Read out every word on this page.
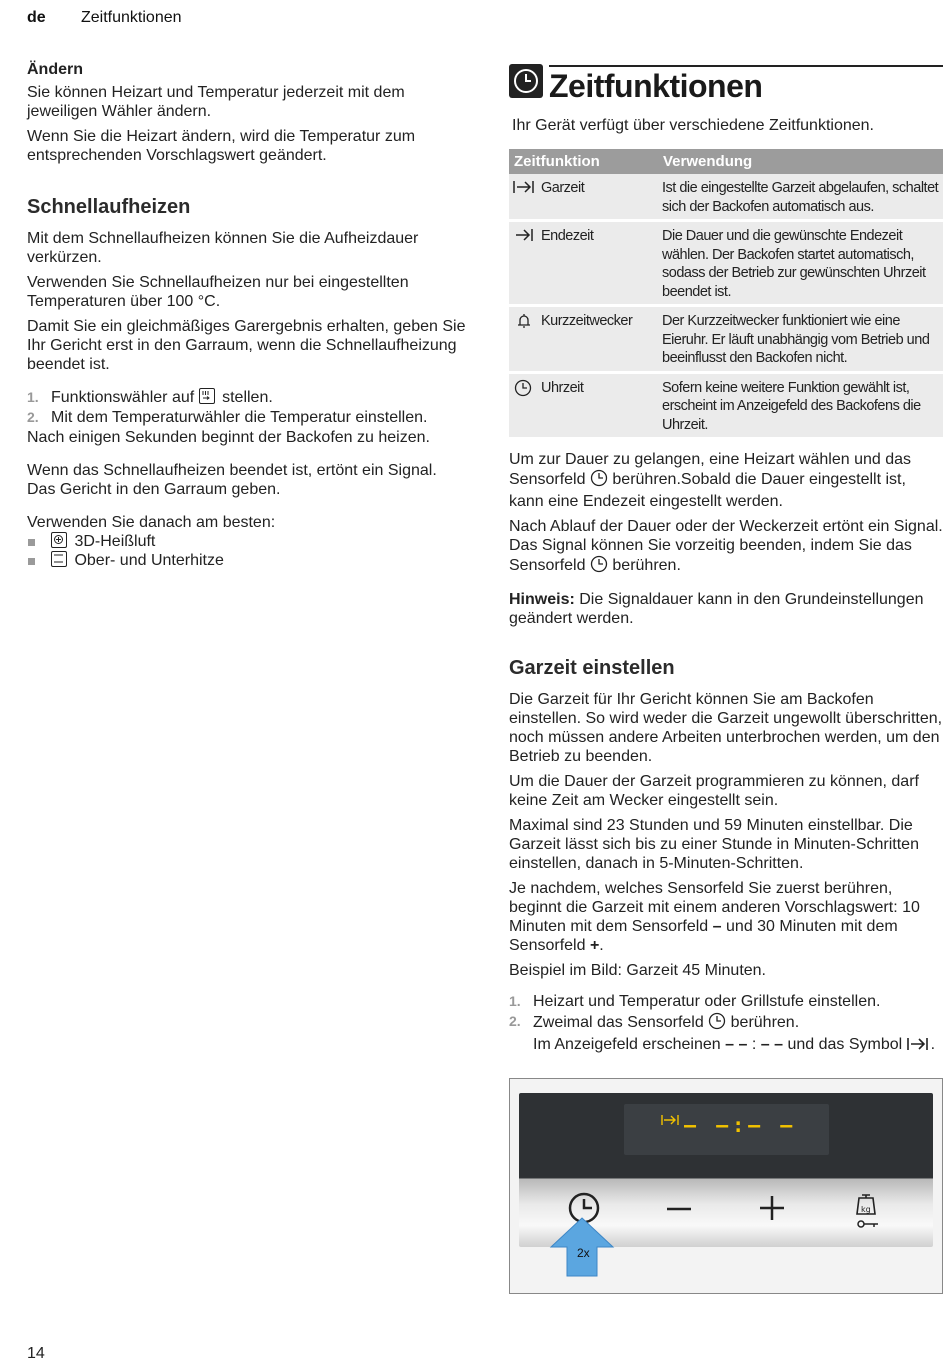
de Zeitfunktionen
Ändern

Sie können Heizart und Temperatur jederzeit mit dem jeweiligen Wähler ändern.

Wenn Sie die Heizart ändern, wird die Temperatur zum entsprechenden Vorschlagswert geändert.

Schnellaufheizen

Mit dem Schnellaufheizen können Sie die Aufheizdauer verkürzen.

Verwenden Sie Schnellaufheizen nur bei eingestellten Temperaturen über 100 °C.

Damit Sie ein gleichmäßiges Garergebnis erhalten, geben Sie Ihr Gericht erst in den Garraum, wenn die Schnellaufheizung beendet ist.

1. Funktionswähler auf stellen.
2. Mit dem Temperaturwähler die Temperatur einstellen.

Nach einigen Sekunden beginnt der Backofen zu heizen.

Wenn das Schnellaufheizen beendet ist, ertönt ein Signal. Das Gericht in den Garraum geben.

Verwenden Sie danach am besten:

3D-Heißluft
Ober- und Unterhitze
Zeitfunktionen

Ihr Gerät verfügt über verschiedene Zeitfunktionen.

Zeitfunktion	Verwendung
Garzeit	Ist die eingestellte Garzeit abgelaufen, schaltet sich der Backofen automatisch aus.
Endezeit	Die Dauer und die gewünschte Endezeit wählen. Der Backofen startet automatisch, sodass der Betrieb zur gewünschten Uhrzeit beendet ist.
Kurzzeitwecker	Der Kurzzeitwecker funktioniert wie eine Eieruhr. Er läuft unabhängig vom Betrieb und beeinflusst den Backofen nicht.
Uhrzeit	Sofern keine weitere Funktion gewählt ist, erscheint im Anzeigefeld des Backofens die Uhrzeit.

Um zur Dauer zu gelangen, eine Heizart wählen und das Sensorfeld berühren.Sobald die Dauer eingestellt ist, kann eine Endezeit eingestellt werden.

Nach Ablauf der Dauer oder der Weckerzeit ertönt ein Signal. Das Signal können Sie vorzeitig beenden, indem Sie das Sensorfeld berühren.

Hinweis: Die Signaldauer kann in den Grundeinstellungen geändert werden.

Garzeit einstellen

Die Garzeit für Ihr Gericht können Sie am Backofen einstellen. So wird weder die Garzeit ungewollt überschritten, noch müssen andere Arbeiten unterbrochen werden, um den Betrieb zu beenden.

Um die Dauer der Garzeit programmieren zu können, darf keine Zeit am Wecker eingestellt sein.

Maximal sind 23 Stunden und 59 Minuten einstellbar. Die Garzeit lässt sich bis zu einer Stunde in Minuten-Schritten einstellen, danach in 5-Minuten-Schritten.

Je nachdem, welches Sensorfeld Sie zuerst berühren, beginnt die Garzeit mit einem anderen Vorschlagswert: 10 Minuten mit dem Sensorfeld – und 30 Minuten mit dem Sensorfeld +.

Beispiel im Bild: Garzeit 45 Minuten.

1. Heizart und Temperatur oder Grillstufe einstellen.
2. Zweimal das Sensorfeld berühren.
Im Anzeigefeld erscheinen – – : – – und das Symbol .
– –:– –
kg
2x
14
